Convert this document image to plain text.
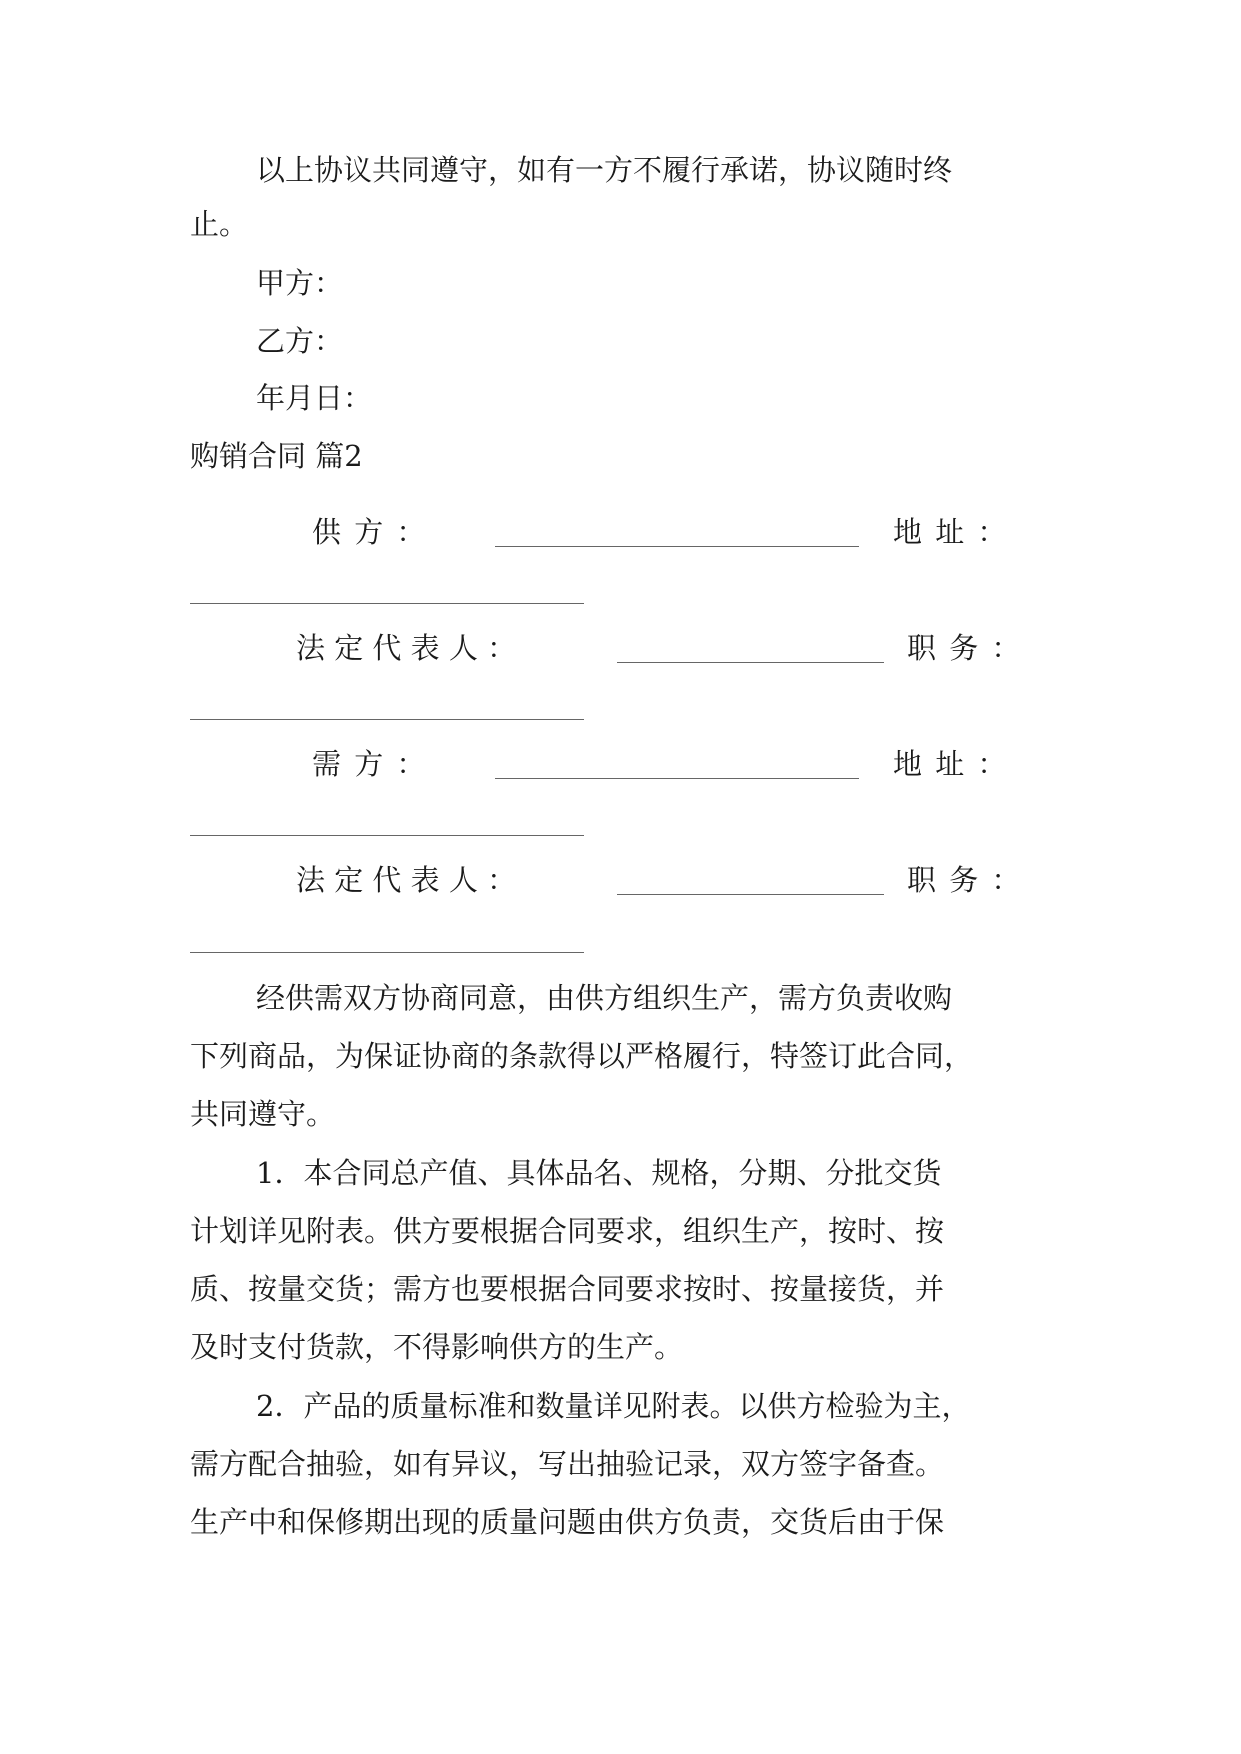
以上协议共同遵守，如有一方不履行承诺，协议随时终
止。
甲方：
乙方：
年月日：
购销合同 篇2
供 方 ：	地 址 ：
法 定 代 表 人 ：	职 务 ：
需 方 ：	地 址 ：
法 定 代 表 人 ：	职 务 ：
经供需双方协商同意，由供方组织生产，需方负责收购
下列商品，为保证协商的条款得以严格履行，特签订此合同，
共同遵守。
1．本合同总产值、具体品名、规格，分期、分批交货
计划详见附表。供方要根据合同要求，组织生产，按时、按
质、按量交货；需方也要根据合同要求按时、按量接货，并
及时支付货款，不得影响供方的生产。
2．产品的质量标准和数量详见附表。以供方检验为主，
需方配合抽验，如有异议，写出抽验记录，双方签字备查。
生产中和保修期出现的质量问题由供方负责，交货后由于保
